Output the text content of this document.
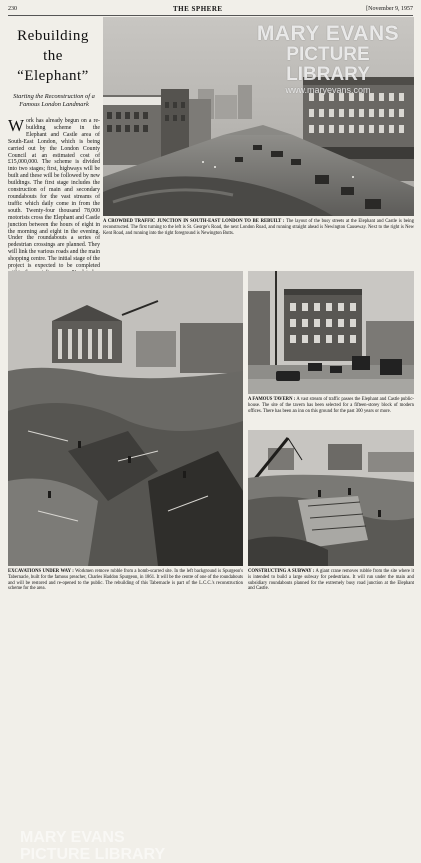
230	THE SPHERE	[November 9, 1957
Rebuilding
the
“Elephant”
Starting the Reconstruction of a Famous London Landmark
Work has already begun on a re-building scheme in the Elephant and Castle area of South-East London, which is being carried out by the London County Council at an estimated cost of £15,000,000. The scheme is divided into two stages; first, highways will be built and these will be followed by new buildings. The first stage includes the construction of main and secondary roundabouts for the vast streams of traffic which daily come in from the south. Twenty-four thousand 78,000 motorists cross the Elephant and Castle junction between the hours of eight in the morning and eight in the evening. Under the roundabouts a series of pedestrian crossings are planned. They will link the various roads and the main shopping centre. The initial stage of the project is expected to be completed
MARY EVANS
PICTURE LIBRARY
www.maryevans.com
A CROWDED TRAFFIC JUNCTION IN SOUTH-EAST LONDON TO BE REBUILT : The layout of the busy streets at the Elephant and Castle is being reconstructed. The first turning to the left is St. George's Road, the next London Road, and running straight ahead is Newington Causeway. Next to the right is New Kent Road, and running into the right foreground is Newington Butts.
A FAMOUS TAVERN : A vast stream of traffic passes the Elephant and Castle public-house. The site of the tavern has been selected for a fifteen-storey block of modern offices. There has been an inn on this ground for the past 300 years or more.
MARY EVANS
PICTURE LIBRARY
EXCAVATIONS UNDER WAY : Workmen remove rubble from a bomb-scarred site. In the left background is Spurgeon's Tabernacle, built for the famous preacher, Charles Haddon Spurgeon, in 1861. It will be the centre of one of the roundabouts and will be restored and re-opened to the public. The rebuilding of this Tabernacle is part of the L.C.C.'s reconstruction scheme for the area.
CONSTRUCTING A SUBWAY : A giant crane removes rubble from the site where it is intended to build a large subway for pedestrians. It will run under the main and subsidiary roundabouts planned for the extremely busy road junction at the Elephant and Castle.
